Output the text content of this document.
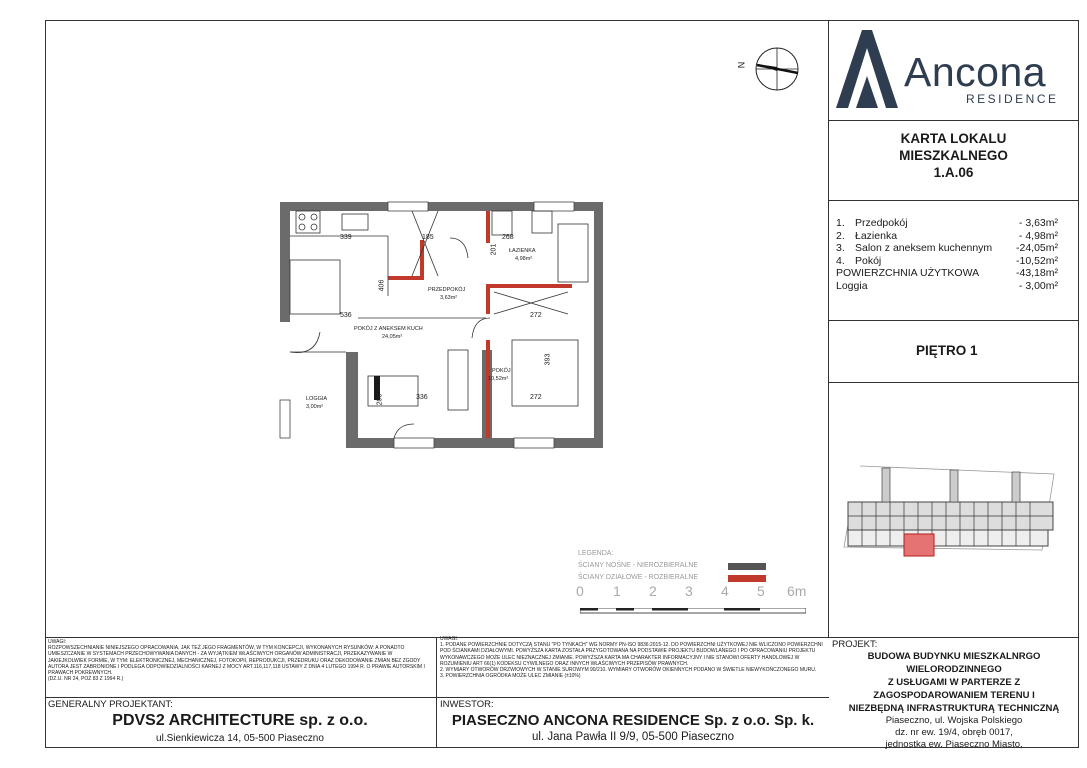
Ancona
RESIDENCE
N
KARTA LOKALU
MIESZKALNEGO
1.A.06
1. Przedpokój	- 3,63m²
2. Łazienka	- 4,98m²
3. Salon z aneksem kuchennym -24,05m²
4. Pokój	-10,52m²
POWIERZCHNIA UŻYTKOWA	-43,18m²
Loggia	- 3,00m²
PIĘTRO 1
339	185	268
201
406
536	272
393
200	336	272
ŁAZIENKA
4,98m²
PRZEDPOKÓJ
3,63m²
POKÓJ Z ANEKSEM KUCH
24,05m²
POKÓJ
10,52m²
LOGGIA
3,00m²
LEGENDA:
ŚCIANY NOŚNE - NIEROZBIERALNE
ŚCIANY DZIAŁOWE - ROZBIERALNE
0 1 2 3 4 5 6m
UWAGI:
ROZPOWSZECHNIANIE NINIEJSZEGO OPRACOWANIA, JAK TEŻ JEGO FRAGMENTÓW, W TYM KONCEPCJI, WYKONANYCH RYSUNKÓW: A PONADTO UMIESZCZANIE W SYSTEMACH PRZECHOWYWANIA DANYCH - ZA WYJĄTKIEM WŁAŚCIWYCH ORGANÓW ADMINISTRACJI, PRZEKAZYWANIE W JAKIEJKOLWIEK FORMIE, W TYM: ELEKTRONICZNEJ, MECHANICZNEJ, FOTOKOPII, REPRODUKCJI, PRZEDRUKU ORAZ DEKODOWANIE ZMIAN BEZ ZGODY AUTORA JEST ZABRONIONE I PODLEGA ODPOWIEDZIALNOŚCI KARNEJ Z MOCY ART.116,117,118 USTAWY Z DNIA 4 LUTEGO 1994 R. O PRAWIE AUTORSKIM I PRAWACH POKREWNYCH.
(DZ.U. NR 24, POZ 83 Z 1994 R.)
UWAGI:
1. PODANE POWIERZCHNIE DOTYCZĄ STANU "PO TYNKACH" WG NORMY PN-ISO 9836:2015-12. DO POWIERZCHNI UŻYTKOWEJ NIE WLICZONO POWIERZCHNI POD ŚCIANKAMI DZIAŁOWYMI. POWYŻSZA KARTA ZOSTAŁA PRZYGOTOWANA NA PODSTAWIE PROJEKTU BUDOWLANEGO I PO OPRACOWANIU PROJEKTU WYKONAWCZEGO MOŻE ULEC NIEZNACZNEJ ZMIANIE. POWYŻSZA KARTA MA CHARAKTER INFORMACYJNY I NIE STANOWI OFERTY HANDLOWEJ W ROZUMIENIU ART 66(1) KODEKSU CYWILNEGO ORAZ INNYCH WŁAŚCIWYCH PRZEPISÓW PRAWNYCH.
2. WYMIARY OTWORÓW DRZWIOWYCH W STANIE SUROWYM 90/210. WYMIARY OTWORÓW OKIENNYCH PODANO W ŚWIETLE NIEWYKOŃCZONEGO MURU.
3. POWIERZCHNIA OGRÓDKA MOŻE ULEC ZMIANIE (±10%)
PROJEKT:
BUDOWA BUDYNKU MIESZKALNRGO
WIELORODZINNEGO
Z USŁUGAMI W PARTERZE Z
ZAGOSPODAROWANIEM TERENU I
NIEZBĘDNĄ INFRASTRUKTURĄ TECHNICZNĄ
Piaseczno, ul. Wojska Polskiego
dz. nr ew. 19/4, obręb 0017,
jednostka ew. Piaseczno Miasto,
GENERALNY PROJEKTANT:
PDVS2 ARCHITECTURE sp. z o.o.
ul.Sienkiewicza 14, 05-500 Piaseczno
INWESTOR:
PIASECZNO ANCONA RESIDENCE Sp. z o.o. Sp. k.
ul. Jana Pawła II 9/9, 05-500 Piaseczno
